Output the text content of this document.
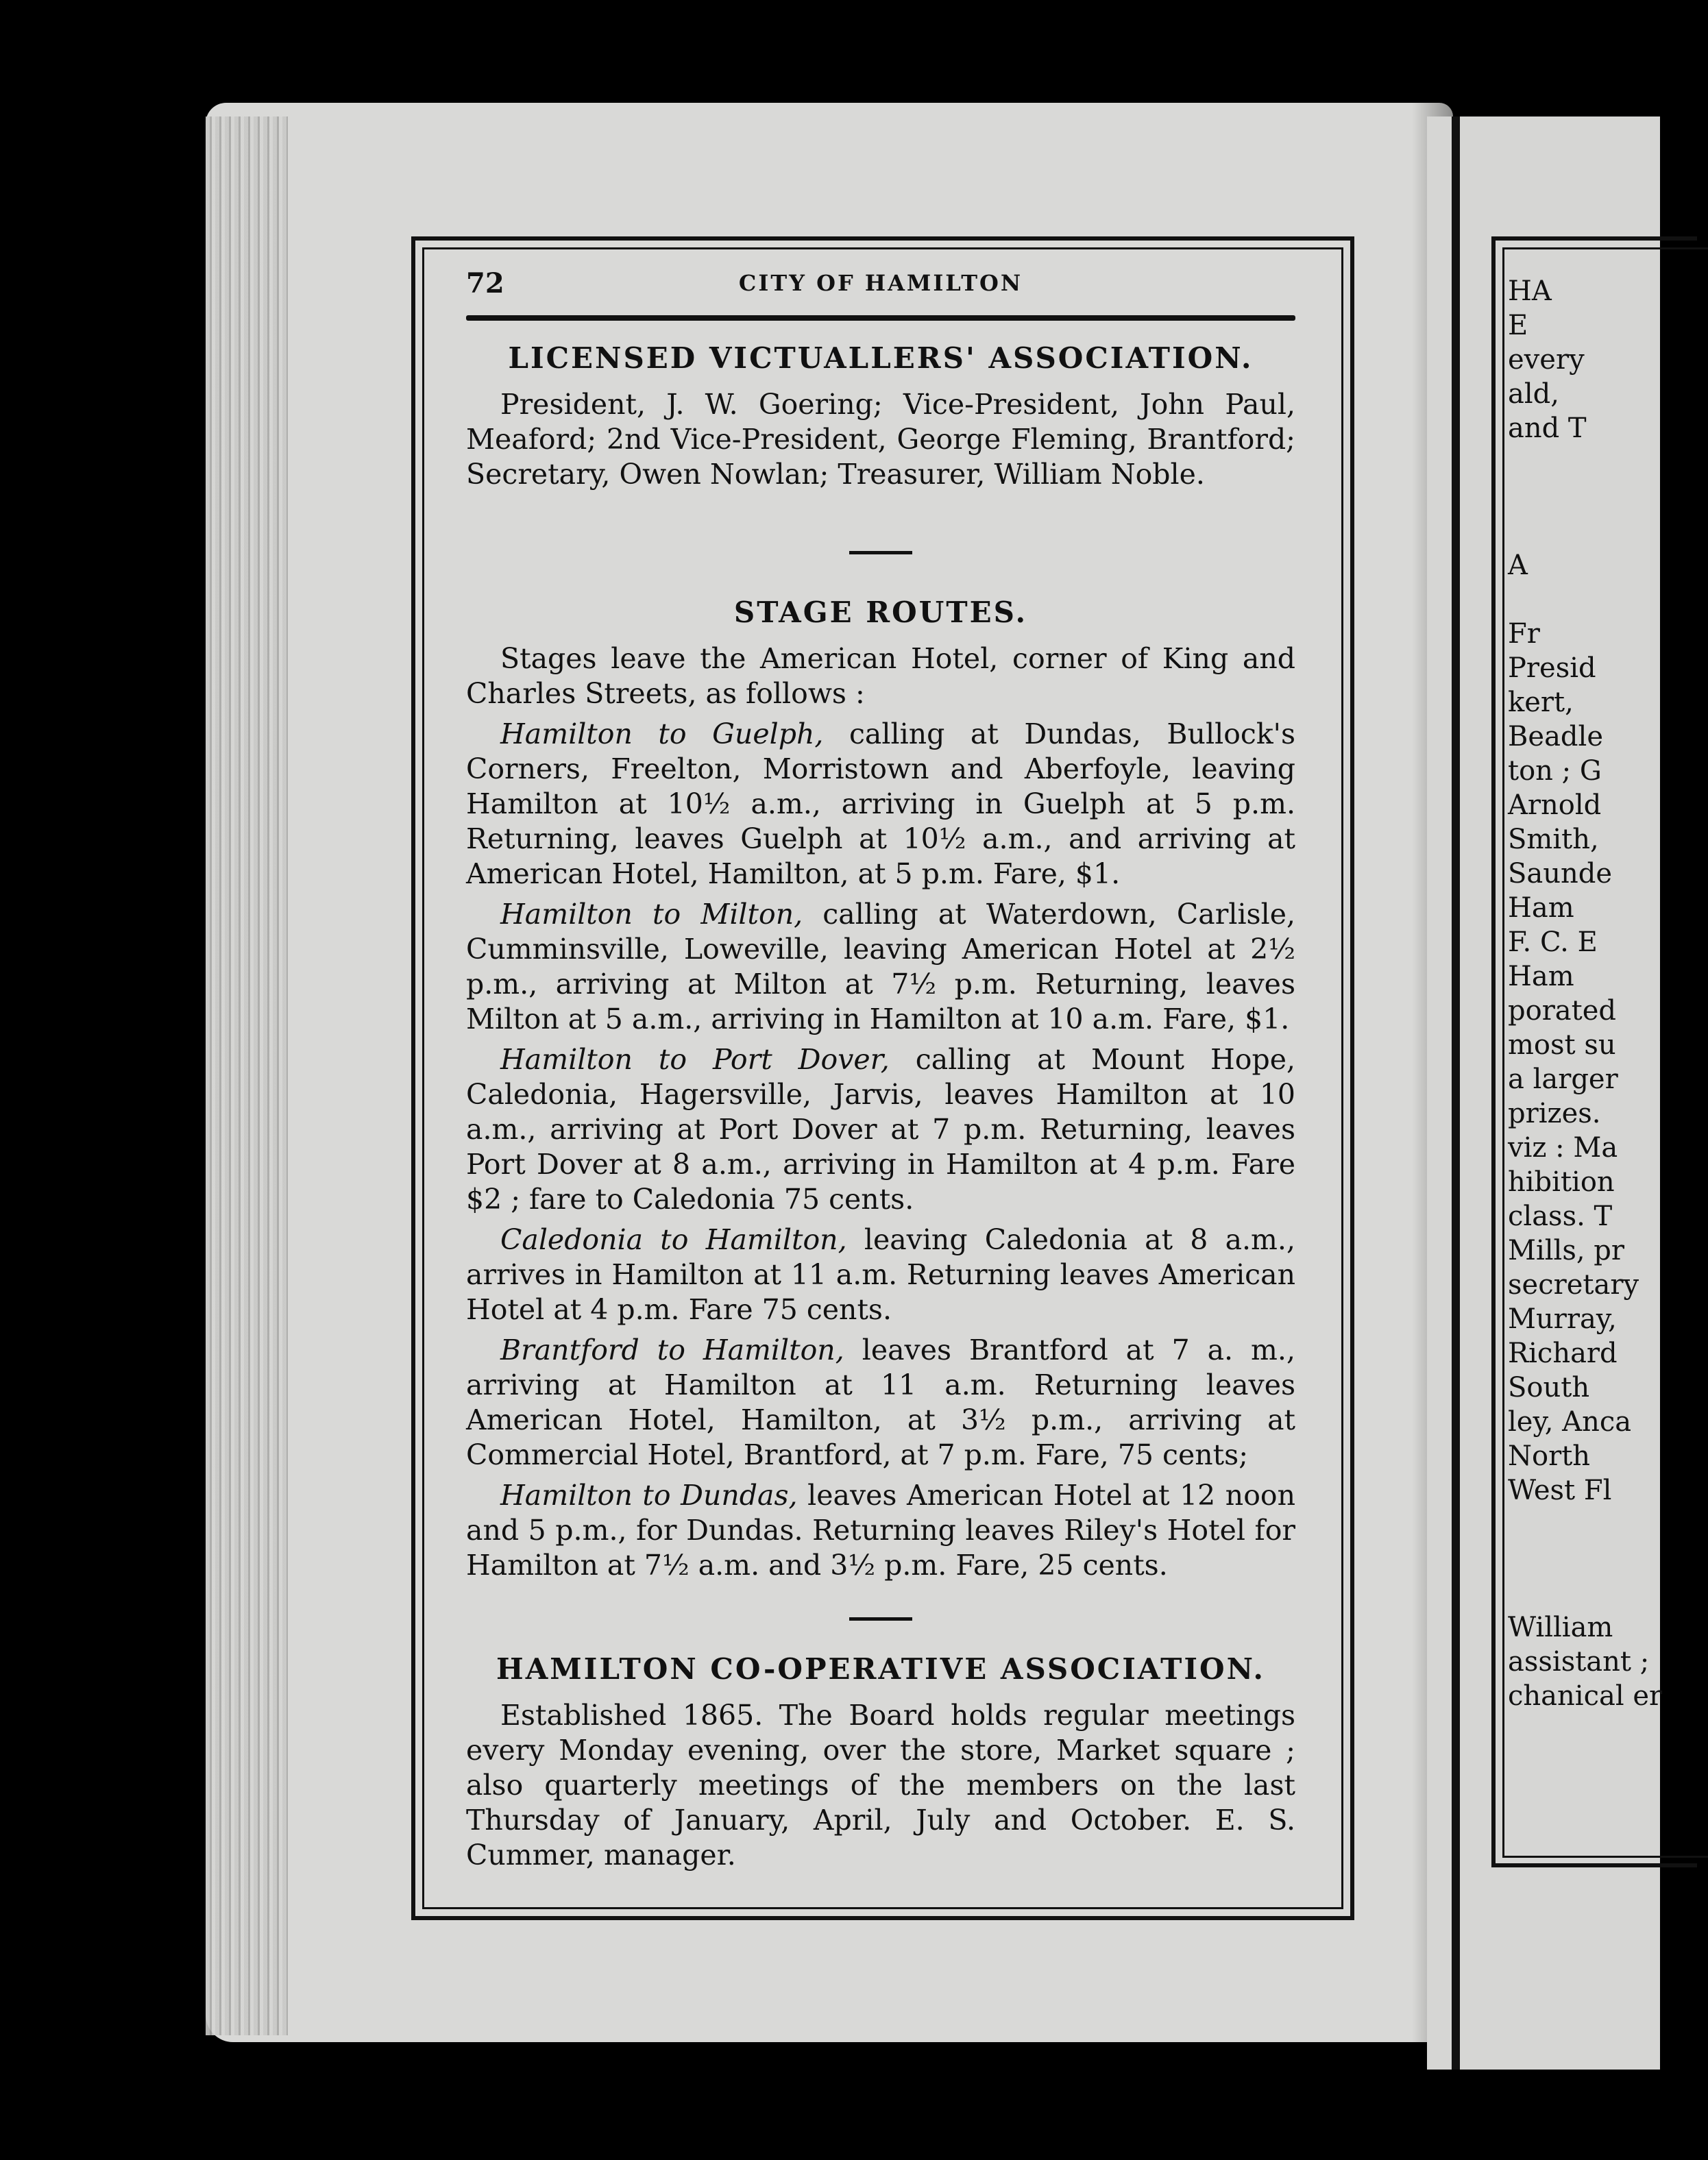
72	CITY OF HAMILTON
LICENSED VICTUALLERS' ASSOCIATION.

President, J. W. Goering; Vice-President, John Paul, Meaford; 2nd Vice-President, George Fleming, Brantford; Secretary, Owen Nowlan; Treasurer, William Noble.

STAGE ROUTES.

Stages leave the American Hotel, corner of King and Charles Streets, as follows :

Hamilton to Guelph, calling at Dundas, Bullock's Corners, Freelton, Morristown and Aberfoyle, leaving Hamilton at 10½ a.m., arriving in Guelph at 5 p.m. Returning, leaves Guelph at 10½ a.m., and arriving at American Hotel, Hamilton, at 5 p.m. Fare, $1.

Hamilton to Milton, calling at Waterdown, Carlisle, Cumminsville, Loweville, leaving American Hotel at 2½ p.m., arriving at Milton at 7½ p.m. Returning, leaves Milton at 5 a.m., arriving in Hamilton at 10 a.m. Fare, $1.

Hamilton to Port Dover, calling at Mount Hope, Caledonia, Hagersville, Jarvis, leaves Hamilton at 10 a.m., arriving at Port Dover at 7 p.m. Returning, leaves Port Dover at 8 a.m., arriving in Hamilton at 4 p.m. Fare $2 ; fare to Caledonia 75 cents.

Caledonia to Hamilton, leaving Caledonia at 8 a.m., arrives in Hamilton at 11 a.m. Returning leaves American Hotel at 4 p.m. Fare 75 cents.

Brantford to Hamilton, leaves Brantford at 7 a. m., arriving at Hamilton at 11 a.m. Returning leaves American Hotel, Hamilton, at 3½ p.m., arriving at Commercial Hotel, Brantford, at 7 p.m. Fare, 75 cents;

Hamilton to Dundas, leaves American Hotel at 12 noon and 5 p.m., for Dundas. Returning leaves Riley's Hotel for Hamilton at 7½ a.m. and 3½ p.m. Fare, 25 cents.

HAMILTON CO-OPERATIVE ASSOCIATION.

Established 1865. The Board holds regular meetings every Monday evening, over the store, Market square ; also quarterly meetings of the members on the last Thursday of January, April, July and October. E. S. Cummer, manager.

HA
E
every
ald,
and T

A

Fr
Presid
kert,
Beadle
ton ; G
Arnold
Smith,
Saunde
Ham
F. C. E
Ham
porated
most su
a larger
prizes.
viz : Ma
hibition
class. T
Mills, pr
secretary
Murray,
Richard
South
ley, Anca
North
West Fl

William
assistant ;
chanical er
